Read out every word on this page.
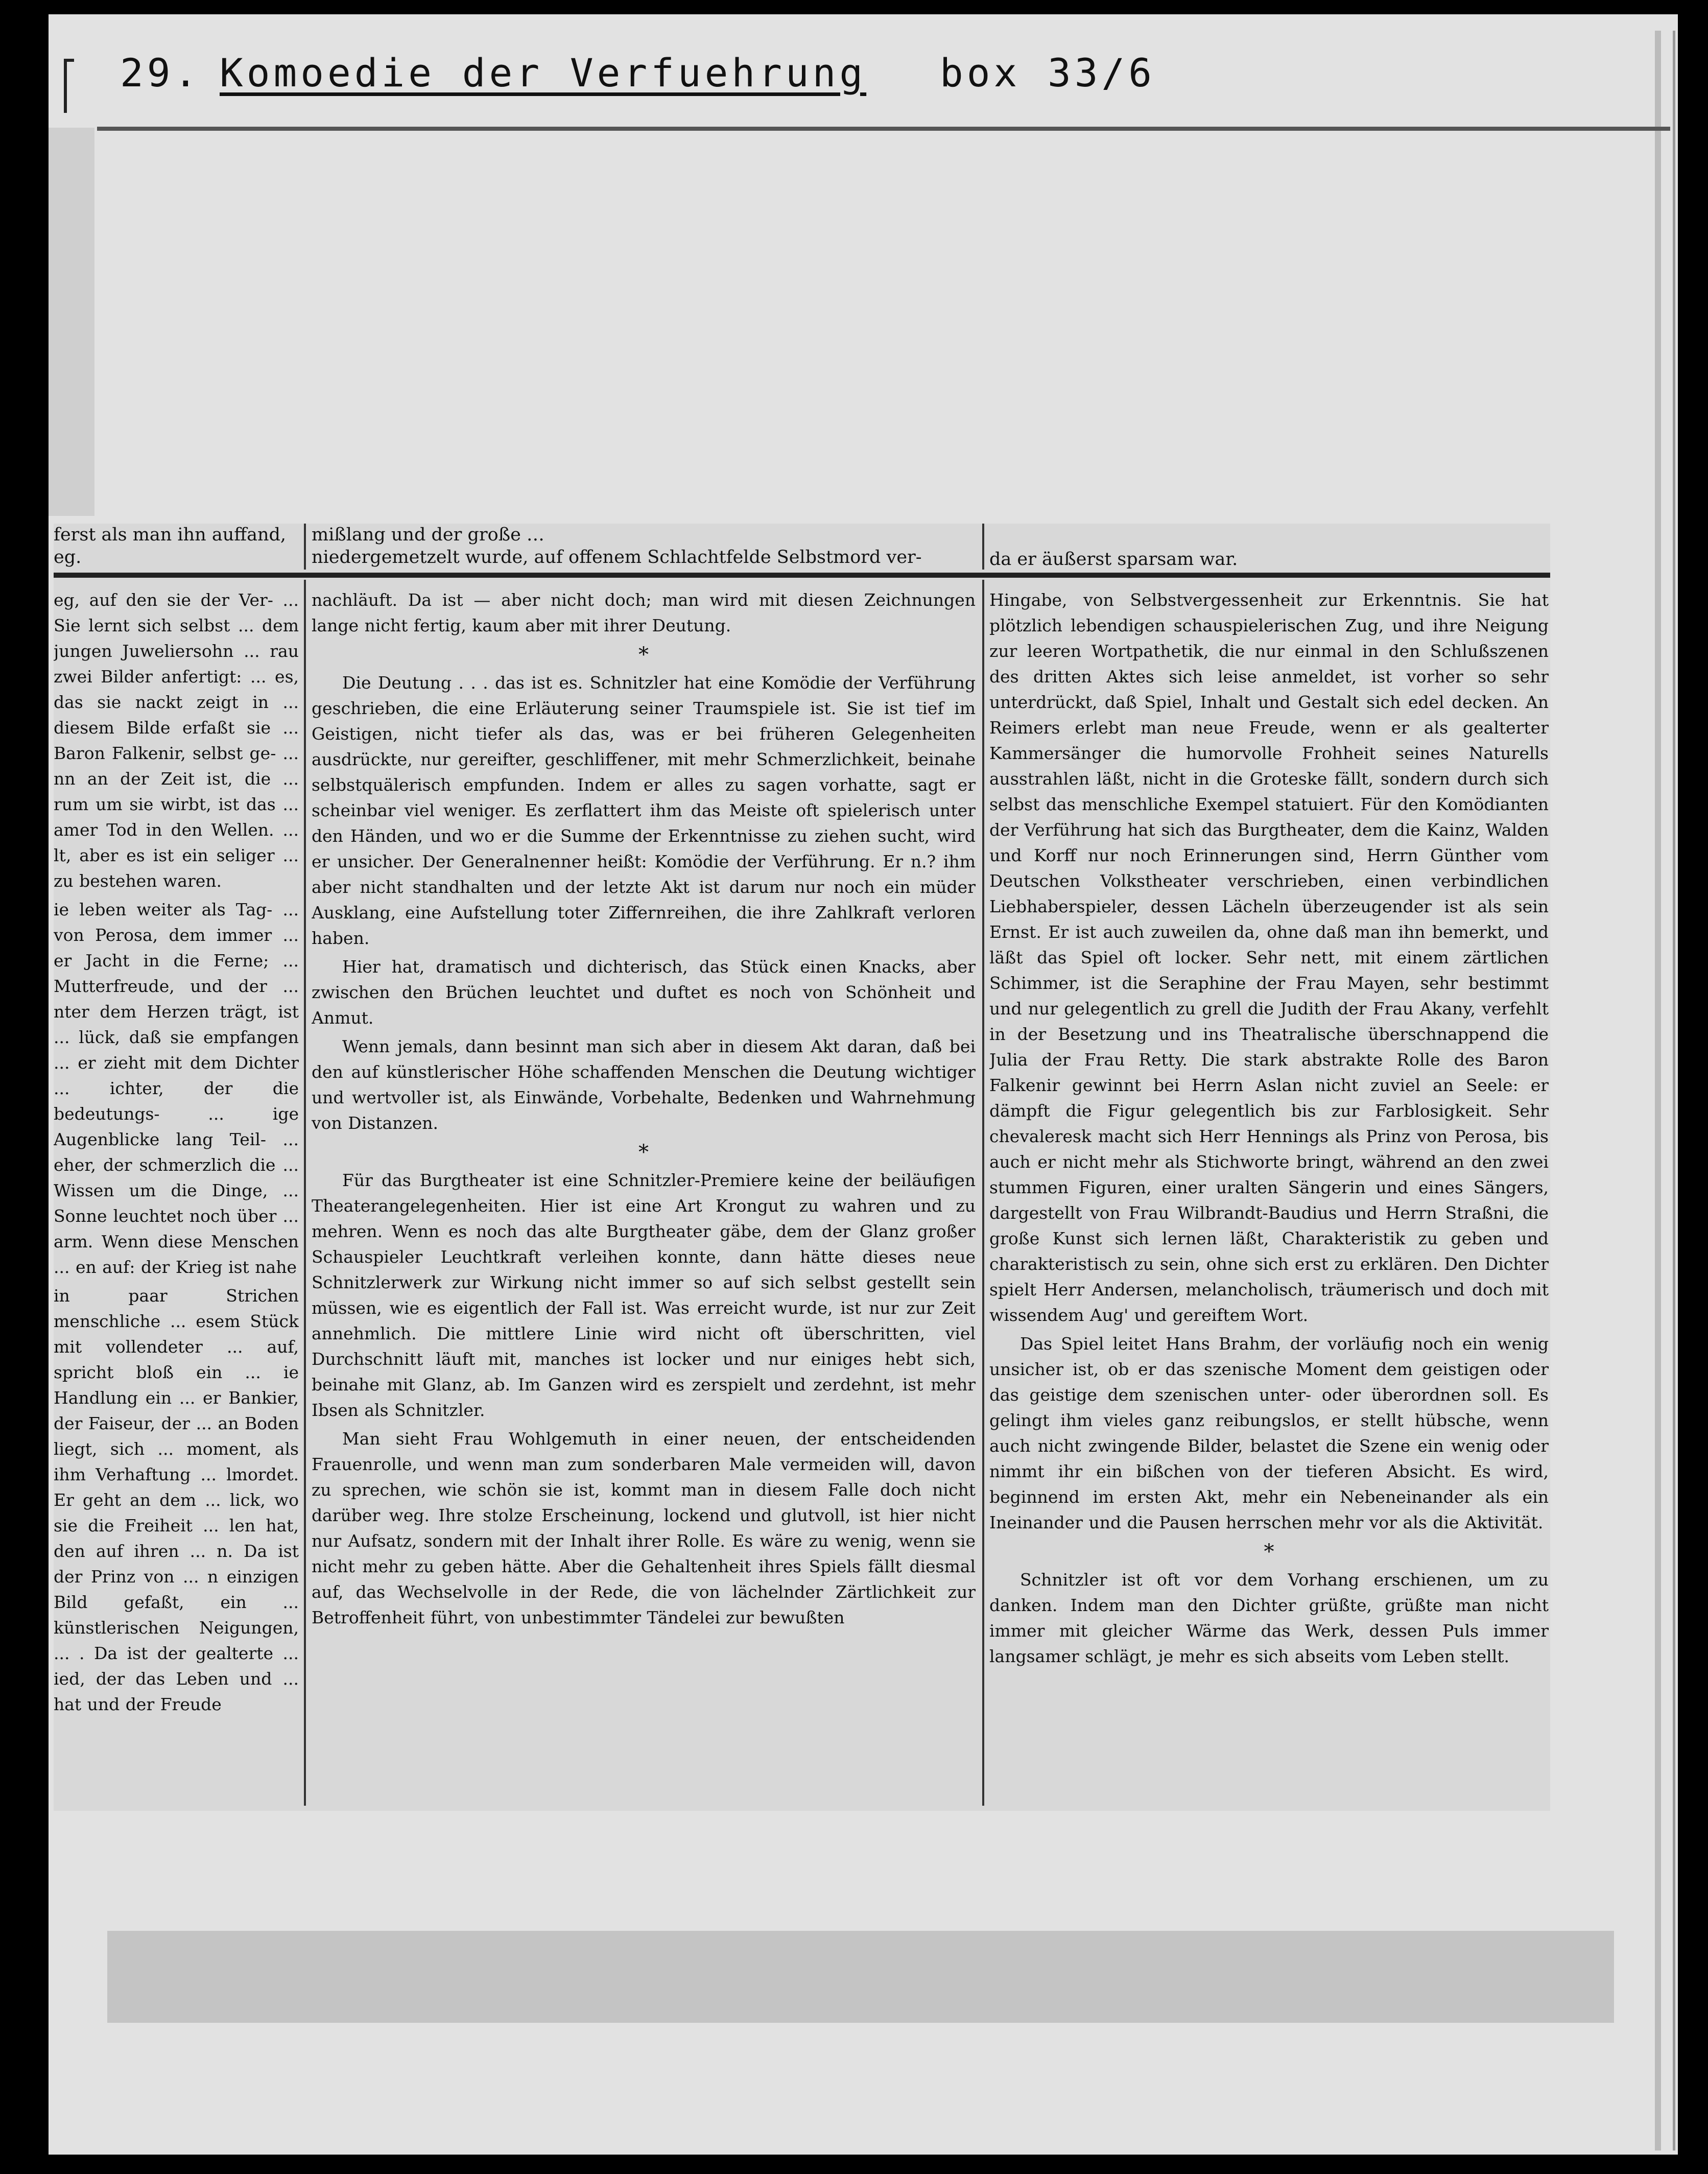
29. Komoedie der Verfuehrung box 33/6
ferst als man ihn auffand,
eg.
mißlang und der große …
niedergemetzelt wurde, auf offenem Schlachtfelde Selbstmord ver-	da er äußerst sparsam war.

eg, auf den sie der Ver- ... Sie lernt sich selbst ... dem jungen Juweliersohn ... rau zwei Bilder anfertigt: ... es, das sie nackt zeigt in ... diesem Bilde erfaßt sie ... Baron Falkenir, selbst ge- ... nn an der Zeit ist, die ... rum um sie wirbt, ist das ... amer Tod in den Wellen. ... lt, aber es ist ein seliger ... zu bestehen waren.

ie leben weiter als Tag- ... von Perosa, dem immer ... er Jacht in die Ferne; ... Mutterfreude, und der ... nter dem Herzen trägt, ist ... lück, daß sie empfangen ... er zieht mit dem Dichter ... ichter, der die bedeutungs- ... ige Augenblicke lang Teil- ... eher, der schmerzlich die ... Wissen um die Dinge, ... Sonne leuchtet noch über ... arm. Wenn diese Menschen ... en auf: der Krieg ist nahe

in paar Strichen menschliche ... esem Stück mit vollendeter ... auf, spricht bloß ein ... ie Handlung ein ... er Bankier, der Faiseur, der ... an Boden liegt, sich ... moment, als ihm Verhaftung ... lmordet. Er geht an dem ... lick, wo sie die Freiheit ... len hat, den auf ihren ... n. Da ist der Prinz von ... n einzigen Bild gefaßt, ein ... künstlerischen Neigungen, ... . Da ist der gealterte ... ied, der das Leben und ... hat und der Freude

nachläuft. Da ist — aber nicht doch; man wird mit diesen Zeichnungen lange nicht fertig, kaum aber mit ihrer Deutung.

*

Die Deutung . . . das ist es. Schnitzler hat eine Komödie der Verführung geschrieben, die eine Erläuterung seiner Traumspiele ist. Sie ist tief im Geistigen, nicht tiefer als das, was er bei früheren Gelegenheiten ausdrückte, nur gereifter, geschliffener, mit mehr Schmerzlichkeit, beinahe selbstquälerisch empfunden. Indem er alles zu sagen vorhatte, sagt er scheinbar viel weniger. Es zerflattert ihm das Meiste oft spielerisch unter den Händen, und wo er die Summe der Erkenntnisse zu ziehen sucht, wird er unsicher. Der Generalnenner heißt: Komödie der Verführung. Er n.? ihm aber nicht standhalten und der letzte Akt ist darum nur noch ein müder Ausklang, eine Aufstellung toter Ziffernreihen, die ihre Zahlkraft verloren haben.

Hier hat, dramatisch und dichterisch, das Stück einen Knacks, aber zwischen den Brüchen leuchtet und duftet es noch von Schönheit und Anmut.

Wenn jemals, dann besinnt man sich aber in diesem Akt daran, daß bei den auf künstlerischer Höhe schaffenden Menschen die Deutung wichtiger und wertvoller ist, als Einwände, Vorbehalte, Bedenken und Wahrnehmung von Distanzen.

*

Für das Burgtheater ist eine Schnitzler-Premiere keine der beiläufigen Theaterangelegenheiten. Hier ist eine Art Krongut zu wahren und zu mehren. Wenn es noch das alte Burgtheater gäbe, dem der Glanz großer Schauspieler Leuchtkraft verleihen konnte, dann hätte dieses neue Schnitzlerwerk zur Wirkung nicht immer so auf sich selbst gestellt sein müssen, wie es eigentlich der Fall ist. Was erreicht wurde, ist nur zur Zeit annehmlich. Die mittlere Linie wird nicht oft überschritten, viel Durchschnitt läuft mit, manches ist locker und nur einiges hebt sich, beinahe mit Glanz, ab. Im Ganzen wird es zerspielt und zerdehnt, ist mehr Ibsen als Schnitzler.

Man sieht Frau Wohlgemuth in einer neuen, der entscheidenden Frauenrolle, und wenn man zum sonderbaren Male vermeiden will, davon zu sprechen, wie schön sie ist, kommt man in diesem Falle doch nicht darüber weg. Ihre stolze Erscheinung, lockend und glutvoll, ist hier nicht nur Aufsatz, sondern mit der Inhalt ihrer Rolle. Es wäre zu wenig, wenn sie nicht mehr zu geben hätte. Aber die Gehaltenheit ihres Spiels fällt diesmal auf, das Wechselvolle in der Rede, die von lächelnder Zärtlichkeit zur Betroffenheit führt, von unbestimmter Tändelei zur bewußten

Hingabe, von Selbstvergessenheit zur Erkenntnis. Sie hat plötzlich lebendigen schauspielerischen Zug, und ihre Neigung zur leeren Wortpathetik, die nur einmal in den Schlußszenen des dritten Aktes sich leise anmeldet, ist vorher so sehr unterdrückt, daß Spiel, Inhalt und Gestalt sich edel decken. An Reimers erlebt man neue Freude, wenn er als gealterter Kammersänger die humorvolle Frohheit seines Naturells ausstrahlen läßt, nicht in die Groteske fällt, sondern durch sich selbst das menschliche Exempel statuiert. Für den Komödianten der Verführung hat sich das Burgtheater, dem die Kainz, Walden und Korff nur noch Erinnerungen sind, Herrn Günther vom Deutschen Volkstheater verschrieben, einen verbindlichen Liebhaberspieler, dessen Lächeln überzeugender ist als sein Ernst. Er ist auch zuweilen da, ohne daß man ihn bemerkt, und läßt das Spiel oft locker. Sehr nett, mit einem zärtlichen Schimmer, ist die Seraphine der Frau Mayen, sehr bestimmt und nur gelegentlich zu grell die Judith der Frau Akany, verfehlt in der Besetzung und ins Theatralische überschnappend die Julia der Frau Retty. Die stark abstrakte Rolle des Baron Falkenir gewinnt bei Herrn Aslan nicht zuviel an Seele: er dämpft die Figur gelegentlich bis zur Farblosigkeit. Sehr chevaleresk macht sich Herr Hennings als Prinz von Perosa, bis auch er nicht mehr als Stichworte bringt, während an den zwei stummen Figuren, einer uralten Sängerin und eines Sängers, dargestellt von Frau Wilbrandt-Baudius und Herrn Straßni, die große Kunst sich lernen läßt, Charakteristik zu geben und charakteristisch zu sein, ohne sich erst zu erklären. Den Dichter spielt Herr Andersen, melancholisch, träumerisch und doch mit wissendem Aug' und gereiftem Wort.

Das Spiel leitet Hans Brahm, der vorläufig noch ein wenig unsicher ist, ob er das szenische Moment dem geistigen oder das geistige dem szenischen unter- oder überordnen soll. Es gelingt ihm vieles ganz reibungslos, er stellt hübsche, wenn auch nicht zwingende Bilder, belastet die Szene ein wenig oder nimmt ihr ein bißchen von der tieferen Absicht. Es wird, beginnend im ersten Akt, mehr ein Nebeneinander als ein Ineinander und die Pausen herrschen mehr vor als die Aktivität.

*

Schnitzler ist oft vor dem Vorhang erschienen, um zu danken. Indem man den Dichter grüßte, grüßte man nicht immer mit gleicher Wärme das Werk, dessen Puls immer langsamer schlägt, je mehr es sich abseits vom Leben stellt.
